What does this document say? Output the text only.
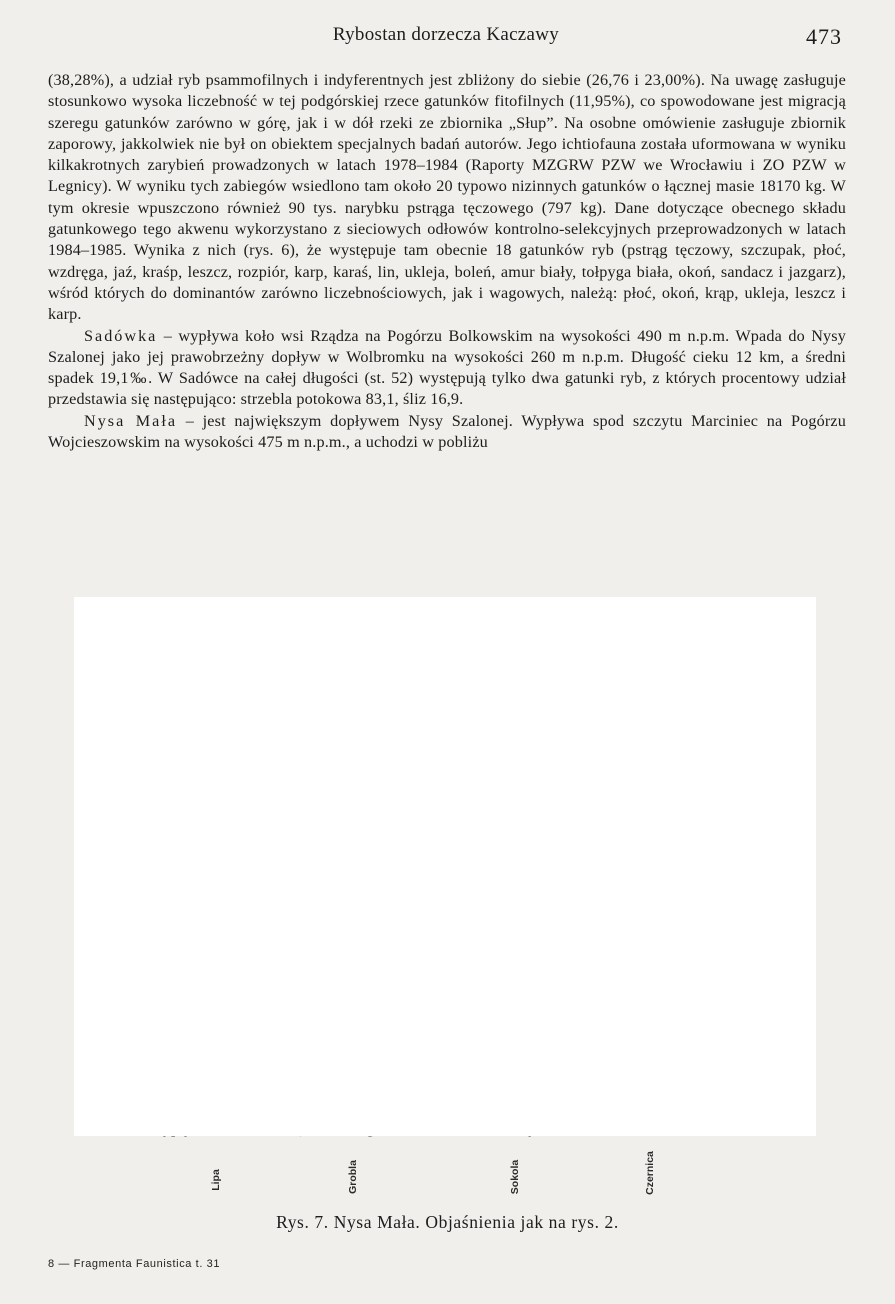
Rybostan dorzecza Kaczawy	473

(38,28%), a udział ryb psammofilnych i indyferentnych jest zbliżony do siebie (26,76 i 23,00%). Na uwagę zasługuje stosunkowo wysoka liczebność w tej podgórskiej rzece gatunków fitofilnych (11,95%), co spowodowane jest migracją szeregu gatunków zarówno w górę, jak i w dół rzeki ze zbiornika „Słup”. Na osobne omówienie zasługuje zbiornik zaporowy, jakkolwiek nie był on obiektem specjalnych badań autorów. Jego ichtiofauna została uformowana w wyniku kilkakrotnych zarybień prowadzonych w latach 1978–1984 (Raporty MZGRW PZW we Wrocławiu i ZO PZW w Legnicy). W wyniku tych zabiegów wsiedlono tam około 20 typowo nizinnych gatunków o łącznej masie 18170 kg. W tym okresie wpuszczono również 90 tys. narybku pstrąga tęczowego (797 kg). Dane dotyczące obecnego składu gatunkowego tego akwenu wykorzystano z sieciowych odłowów kontrolno-selekcyjnych przeprowadzonych w latach 1984–1985. Wynika z nich (rys. 6), że występuje tam obecnie 18 gatunków ryb (pstrąg tęczowy, szczupak, płoć, wzdręga, jaź, kraśp, leszcz, rozpiór, karp, karaś, lin, ukleja, boleń, amur biały, tołpyga biała, okoń, sandacz i jazgarz), wśród których do dominantów zarówno liczebnościowych, jak i wagowych, należą: płoć, okoń, krąp, ukleja, leszcz i karp.

Sadówka – wypływa koło wsi Rządza na Pogórzu Bolkowskim na wysokości 490 m n.p.m. Wpada do Nysy Szalonej jako jej prawobrzeżny dopływ w Wolbromku na wysokości 260 m n.p.m. Długość cieku 12 km, a średni spadek 19,1‰. W Sadówce na całej długości (st. 52) występują tylko dwa gatunki ryb, z których procentowy udział przedstawia się następująco: strzebla potokowa 83,1, śliz 16,9.

Nysa Mała – jest największym dopływem Nysy Szalonej. Wypływa spod szczytu Marciniec na Pogórzu Wojcieszowskim na wysokości 475 m n.p.m., a uchodzi w pobliżu

Lipa	Grobla	Sokola	Czernica
Rys. 7. Nysa Mała. Objaśnienia jak na rys. 2.
8 — Fragmenta Faunistica t. 31
